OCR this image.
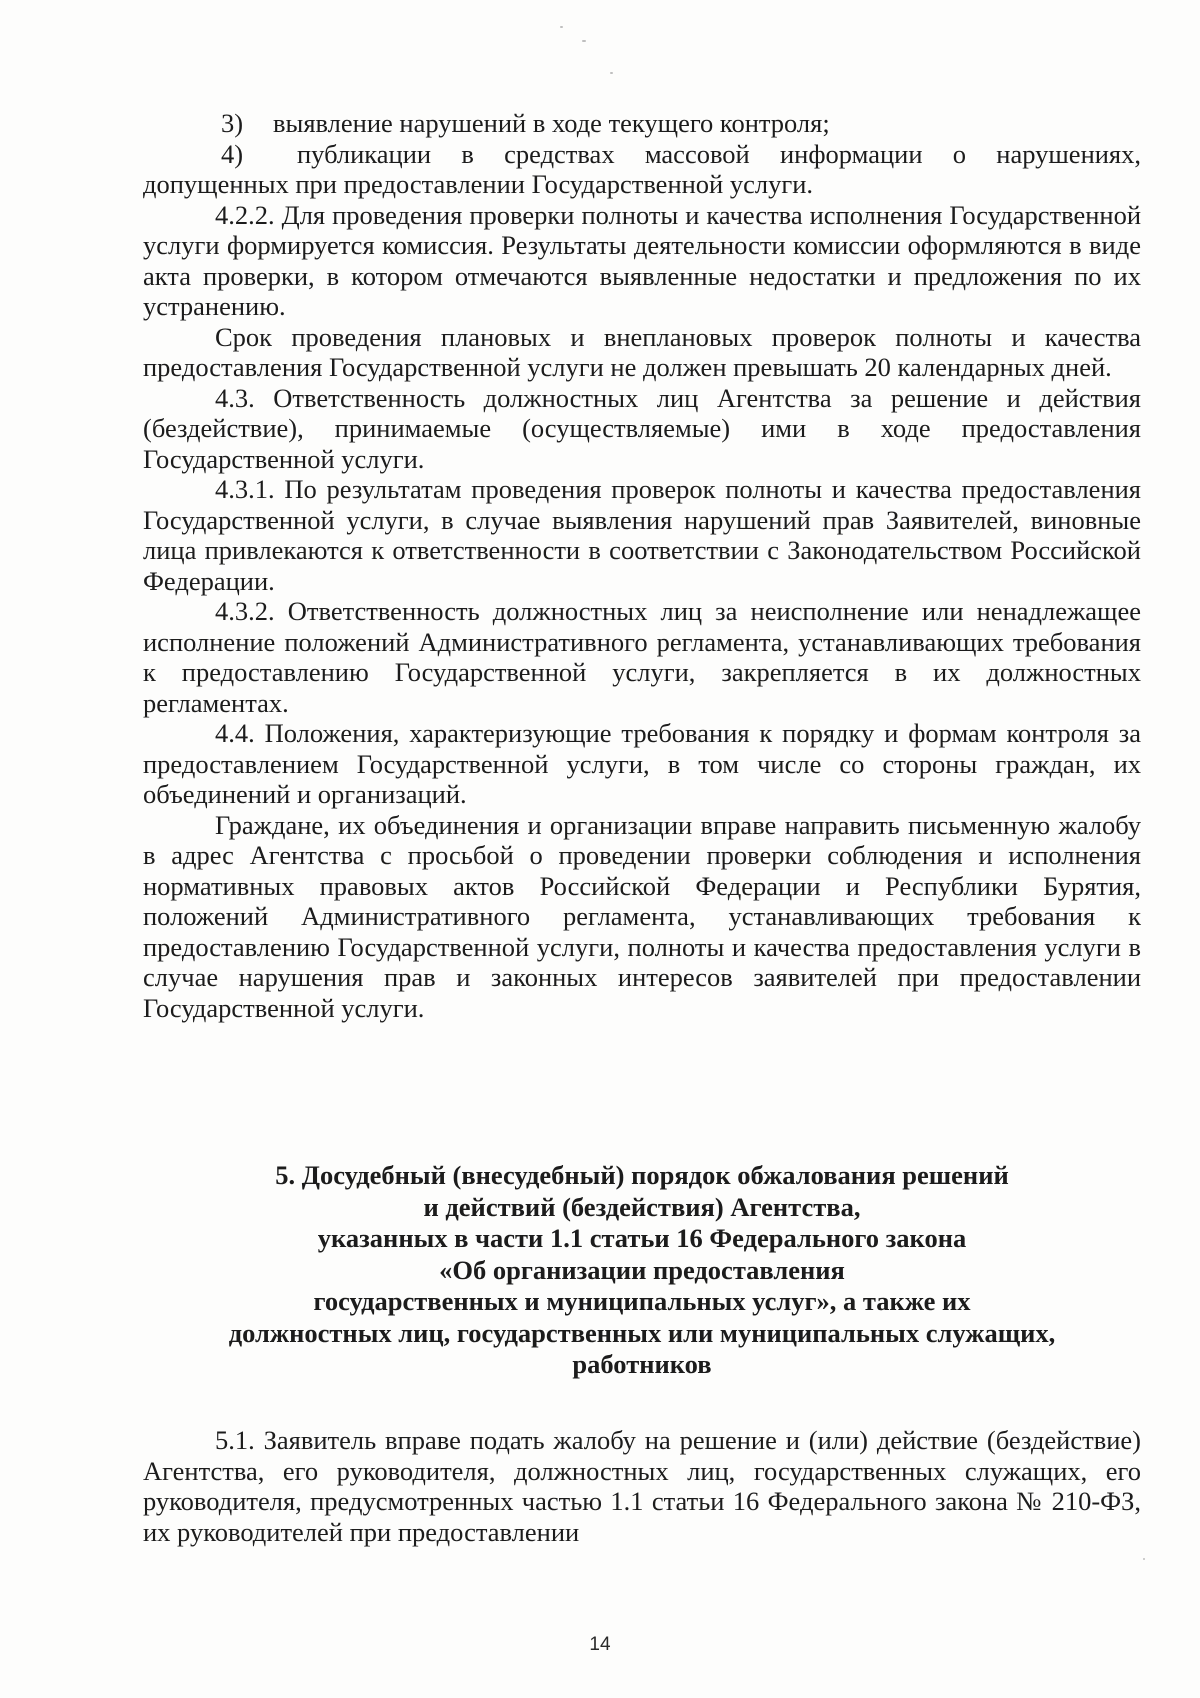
3) выявление нарушений в ходе текущего контроля;

4) публикации в средствах массовой информации о нарушениях, допущенных при предоставлении Государственной услуги.

4.2.2. Для проведения проверки полноты и качества исполнения Государственной услуги формируется комиссия. Результаты деятельности комиссии оформляются в виде акта проверки, в котором отмечаются выявленные недостатки и предложения по их устранению.

Срок проведения плановых и внеплановых проверок полноты и качества предоставления Государственной услуги не должен превышать 20 календарных дней.

4.3. Ответственность должностных лиц Агентства за решение и действия (бездействие), принимаемые (осуществляемые) ими в ходе предоставления Государственной услуги.

4.3.1. По результатам проведения проверок полноты и качества предоставления Государственной услуги, в случае выявления нарушений прав Заявителей, виновные лица привлекаются к ответственности в соответствии с Законодательством Российской Федерации.

4.3.2. Ответственность должностных лиц за неисполнение или ненадлежащее исполнение положений Административного регламента, устанавливающих требования к предоставлению Государственной услуги, закрепляется в их должностных регламентах.

4.4. Положения, характеризующие требования к порядку и формам контроля за предоставлением Государственной услуги, в том числе со стороны граждан, их объединений и организаций.

Граждане, их объединения и организации вправе направить письменную жалобу в адрес Агентства с просьбой о проведении проверки соблюдения и исполнения нормативных правовых актов Российской Федерации и Республики Бурятия, положений Административного регламента, устанавливающих требования к предоставлению Государственной услуги, полноты и качества предоставления услуги в случае нарушения прав и законных интересов заявителей при предоставлении Государственной услуги.

5. Досудебный (внесудебный) порядок обжалования решений
и действий (бездействия) Агентства,
указанных в части 1.1 статьи 16 Федерального закона
«Об организации предоставления
государственных и муниципальных услуг», а также их
должностных лиц, государственных или муниципальных служащих,
работников

5.1. Заявитель вправе подать жалобу на решение и (или) действие (бездействие) Агентства, его руководителя, должностных лиц, государственных служащих, его руководителя, предусмотренных частью 1.1 статьи 16 Федерального закона № 210-ФЗ, их руководителей при предоставлении

14
